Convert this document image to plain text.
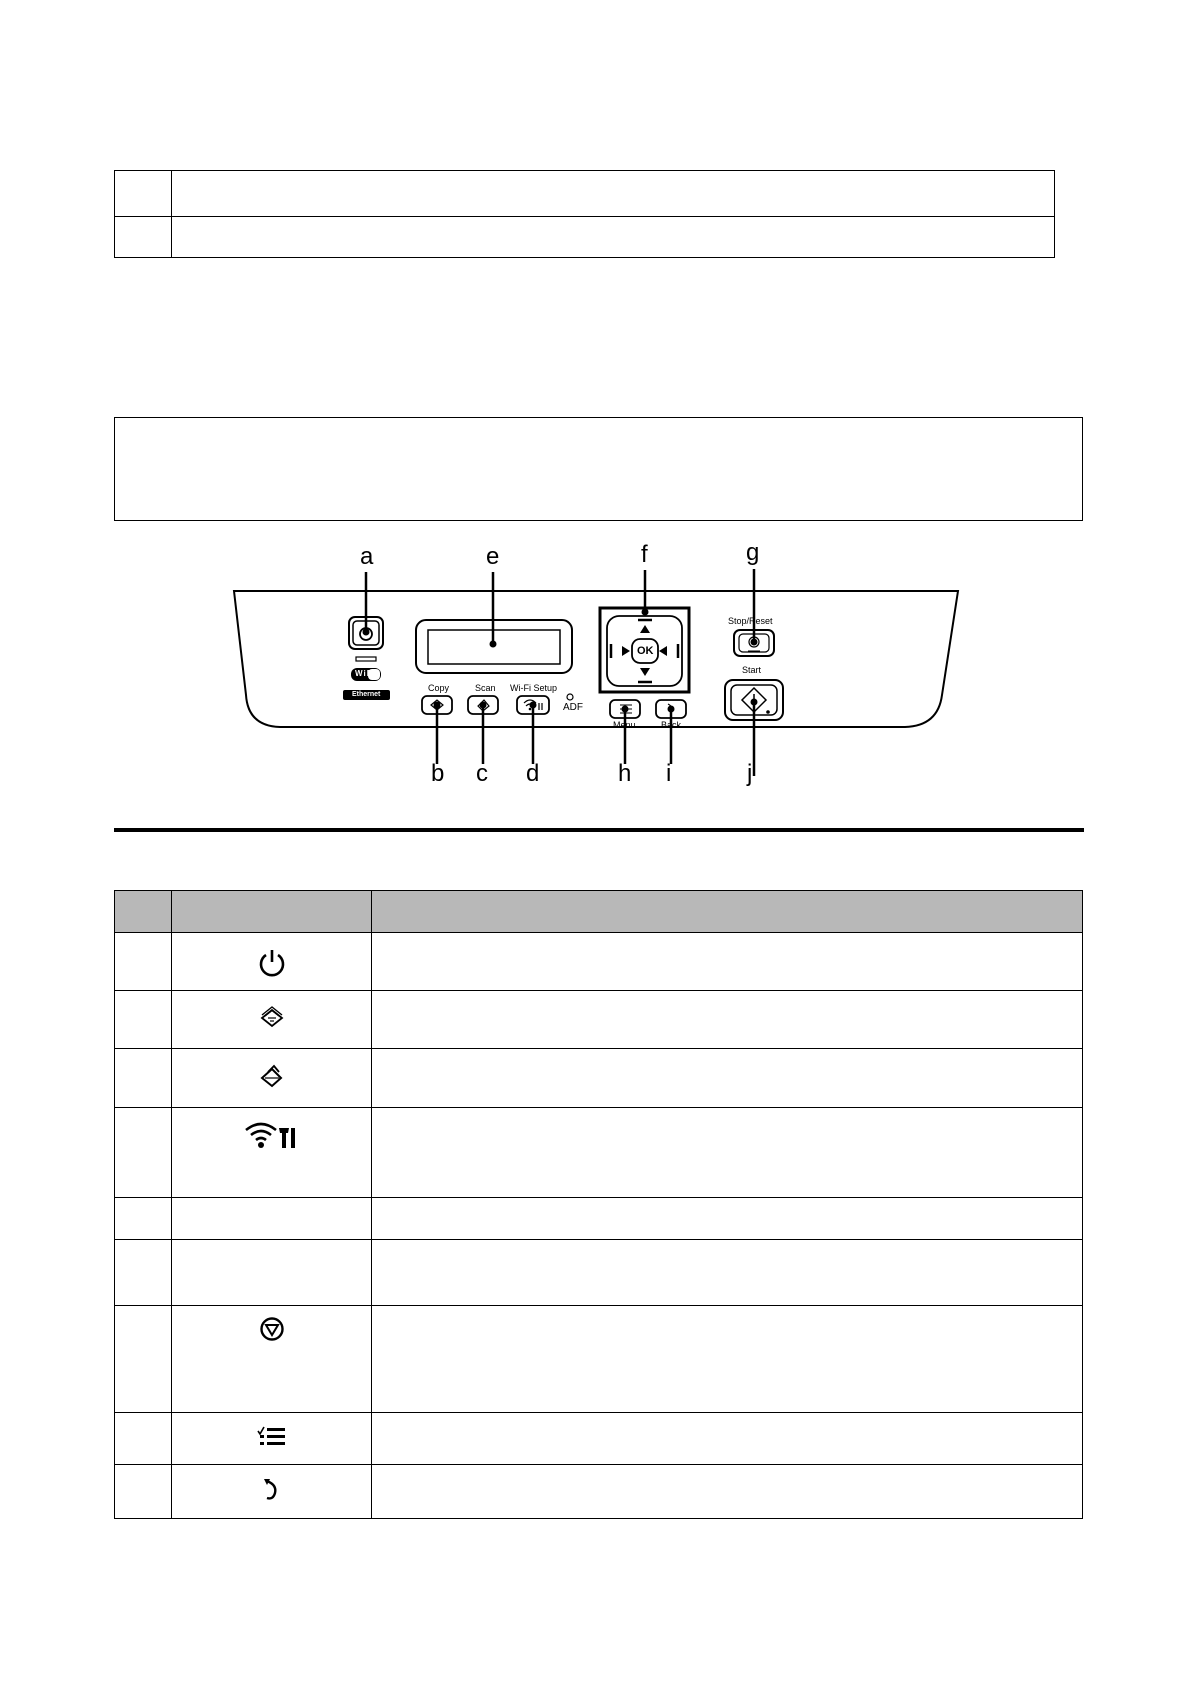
a	e	f	g
b c d	h i	j
Copy	Scan Wi-Fi Setup
ADF
Stop/Reset
Start
Menu	Back
OK
WiFi
Ethernet
